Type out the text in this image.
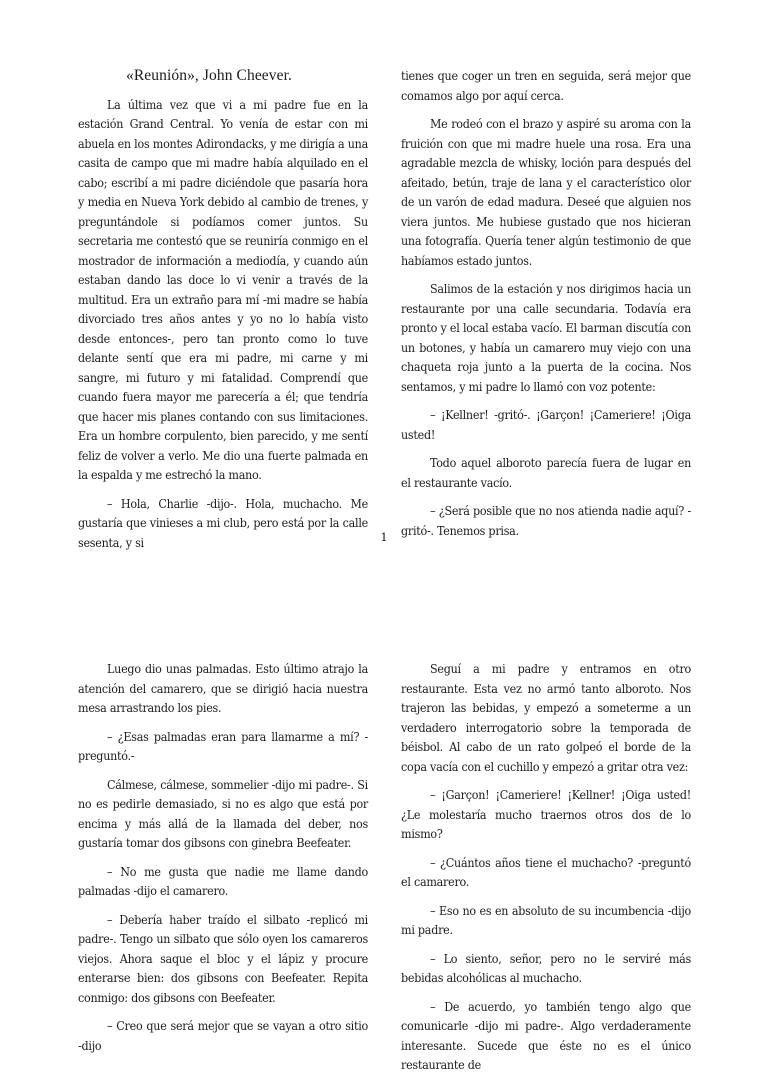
«Reunión», John Cheever.

La última vez que vi a mi padre fue en la estación Grand Central. Yo venía de estar con mi abuela en los montes Adirondacks, y me dirigía a una casita de campo que mi madre había alquilado en el cabo; escribí a mi padre diciéndole que pasaría hora y media en Nueva York debido al cambio de trenes, y preguntándole si podíamos comer juntos. Su secretaria me contestó que se reuniría conmigo en el mostrador de información a mediodía, y cuando aún estaban dando las doce lo vi venir a través de la multitud. Era un extraño para mí -mi madre se había divorciado tres años antes y yo no lo había visto desde entonces-, pero tan pronto como lo tuve delante sentí que era mi padre, mi carne y mi sangre, mi futuro y mi fatalidad. Comprendí que cuando fuera mayor me parecería a él; que tendría que hacer mis planes contando con sus limitaciones. Era un hombre corpulento, bien parecido, y me sentí feliz de volver a verlo. Me dio una fuerte palmada en la espalda y me estrechó la mano.

– Hola, Charlie -dijo-. Hola, muchacho. Me gustaría que vinieses a mi club, pero está por la calle sesenta, y si

tienes que coger un tren en seguida, será mejor que comamos algo por aquí cerca.

Me rodeó con el brazo y aspiré su aroma con la fruición con que mi madre huele una rosa. Era una agradable mezcla de whisky, loción para después del afeitado, betún, traje de lana y el característico olor de un varón de edad madura. Deseé que alguien nos viera juntos. Me hubiese gustado que nos hicieran una fotografía. Quería tener algún testimonio de que habíamos estado juntos.

Salimos de la estación y nos dirigimos hacia un restaurante por una calle secundaria. Todavía era pronto y el local estaba vacío. El barman discutía con un botones, y había un camarero muy viejo con una chaqueta roja junto a la puerta de la cocina. Nos sentamos, y mi padre lo llamó con voz potente:

– ¡Kellner! -gritó-. ¡Garçon! ¡Cameriere! ¡Oiga usted!

Todo aquel alboroto parecía fuera de lugar en el restaurante vacío.

– ¿Será posible que no nos atienda nadie aquí? -gritó-. Tenemos prisa.

1

Luego dio unas palmadas. Esto último atrajo la atención del camarero, que se dirigió hacia nuestra mesa arrastrando los pies.

– ¿Esas palmadas eran para llamarme a mí? -preguntó.-

Cálmese, cálmese, sommelier -dijo mi padre-. Si no es pedirle demasiado, si no es algo que está por encima y más allá de la llamada del deber, nos gustaría tomar dos gibsons con ginebra Beefeater.

– No me gusta que nadie me llame dando palmadas -dijo el camarero.

– Debería haber traído el silbato -replicó mi padre-. Tengo un silbato que sólo oyen los camareros viejos. Ahora saque el bloc y el lápiz y procure enterarse bien: dos gibsons con Beefeater. Repita conmigo: dos gibsons con Beefeater.

– Creo que será mejor que se vayan a otro sitio -dijo

Seguí a mi padre y entramos en otro restaurante. Esta vez no armó tanto alboroto. Nos trajeron las bebidas, y empezó a someterme a un verdadero interrogatorio sobre la temporada de béisbol. Al cabo de un rato golpeó el borde de la copa vacía con el cuchillo y empezó a gritar otra vez:

– ¡Garçon! ¡Cameriere! ¡Kellner! ¡Oiga usted! ¿Le molestaría mucho traernos otros dos de lo mismo?

– ¿Cuántos años tiene el muchacho? -preguntó el camarero.

– Eso no es en absoluto de su incumbencia -dijo mi padre.

– Lo siento, señor, pero no le serviré más bebidas alcohólicas al muchacho.

– De acuerdo, yo también tengo algo que comunicarle -dijo mi padre-. Algo verdaderamente interesante. Sucede que éste no es el único restaurante de
